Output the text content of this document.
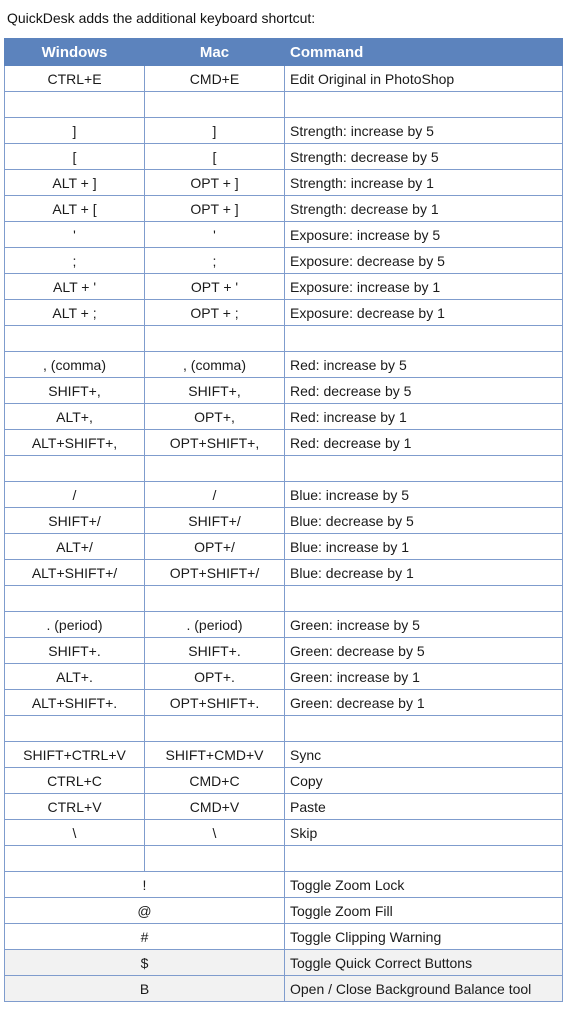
QuickDesk adds the additional keyboard shortcut:
Windows	Mac	Command
CTRL+E	CMD+E	Edit Original in PhotoShop

]	]	Strength: increase by 5
[	[	Strength: decrease by 5
ALT + ]	OPT + ]	Strength: increase by 1
ALT + [	OPT + ]	Strength: decrease by 1
'	'	Exposure: increase by 5
;	;	Exposure: decrease by 5
ALT + '	OPT + '	Exposure: increase by 1
ALT + ;	OPT + ;	Exposure: decrease by 1

, (comma)	, (comma)	Red: increase by 5
SHIFT+,	SHIFT+,	Red: decrease by 5
ALT+,	OPT+,	Red: increase by 1
ALT+SHIFT+,	OPT+SHIFT+,	Red: decrease by 1

/	/	Blue: increase by 5
SHIFT+/	SHIFT+/	Blue: decrease by 5
ALT+/	OPT+/	Blue: increase by 1
ALT+SHIFT+/	OPT+SHIFT+/	Blue: decrease by 1

. (period)	. (period)	Green: increase by 5
SHIFT+.	SHIFT+.	Green: decrease by 5
ALT+.	OPT+.	Green: increase by 1
ALT+SHIFT+.	OPT+SHIFT+.	Green: decrease by 1

SHIFT+CTRL+V	SHIFT+CMD+V	Sync
CTRL+C	CMD+C	Copy
CTRL+V	CMD+V	Paste
\	\	Skip

!		Toggle Zoom Lock
@		Toggle Zoom Fill
#		Toggle Clipping Warning
$		Toggle Quick Correct Buttons
B		Open / Close Background Balance tool
